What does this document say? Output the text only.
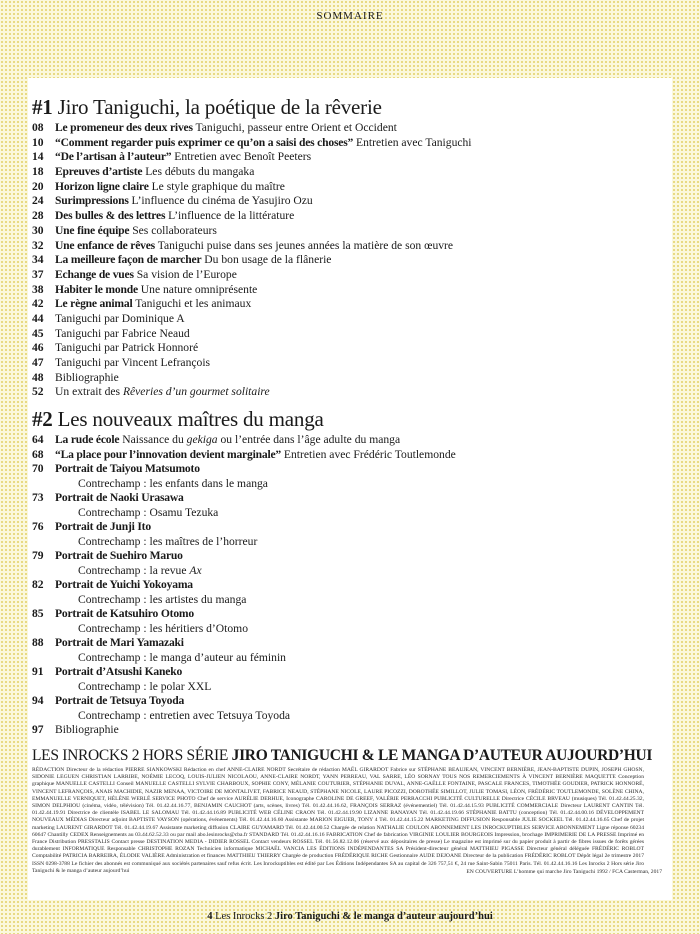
SOMMAIRE
#1 Jiro Taniguchi, la poétique de la rêverie
08 Le promeneur des deux rives Taniguchi, passeur entre Orient et Occident
10 “Comment regarder puis exprimer ce qu’on a saisi des choses” Entretien avec Taniguchi
14 “De l’artisan à l’auteur” Entretien avec Benoît Peeters
18 Epreuves d’artiste Les débuts du mangaka
20 Horizon ligne claire Le style graphique du maître
24 Surimpressions L’influence du cinéma de Yasujiro Ozu
28 Des bulles & des lettres L’influence de la littérature
30 Une fine équipe Ses collaborateurs
32 Une enfance de rêves Taniguchi puise dans ses jeunes années la matière de son œuvre
34 La meilleure façon de marcher Du bon usage de la flânerie
37 Echange de vues Sa vision de l’Europe
38 Habiter le monde Une nature omniprésente
42 Le règne animal Taniguchi et les animaux
44 Taniguchi par Dominique A
45 Taniguchi par Fabrice Neaud
46 Taniguchi par Patrick Honnoré
47 Taniguchi par Vincent Lefrançois
48 Bibliographie
52 Un extrait des Rêveries d’un gourmet solitaire
#2 Les nouveaux maîtres du manga
64 La rude école Naissance du gekiga ou l’entrée dans l’âge adulte du manga
68 “La place pour l’innovation devient marginale” Entretien avec Frédéric Toutlemonde
70 Portrait de Taiyou Matsumoto
Contrechamp : les enfants dans le manga
73 Portrait de Naoki Urasawa
Contrechamp : Osamu Tezuka
76 Portrait de Junji Ito
Contrechamp : les maîtres de l’horreur
79 Portrait de Suehiro Maruo
Contrechamp : la revue Ax
82 Portrait de Yuichi Yokoyama
Contrechamp : les artistes du manga
85 Portrait de Katsuhiro Otomo
Contrechamp : les héritiers d’Otomo
88 Portrait de Mari Yamazaki
Contrechamp : le manga d’auteur au féminin
91 Portrait d’Atsushi Kaneko
Contrechamp : le polar XXL
94 Portrait de Tetsuya Toyoda
Contrechamp : entretien avec Tetsuya Toyoda
97 Bibliographie
LES INROCKS 2 HORS SÉRIE JIRO TANIGUCHI & LE MANGA D’AUTEUR AUJOURD’HUI
RÉDACTION Directeur de la rédaction PIERRE SIANKOWSKI Rédaction en chef ANNE-CLAIRE NORDT Secrétaire de rédaction MAËL GIRARDOT Fabrice sur STÉPHANE BEAUJEAN, VINCENT BERNIÈRE, JEAN-BAPTISTE DUPIN, JOSEPH GHOSN, SIDONIE LEGUEN CHRISTIAN LARRIBE, NOÉMIE LECOQ, LOUIS-JULIEN NICOLAOU, ANNE-CLAIRE NORDT, YANN PERREAU, VAL SARRE, LÉO SORNAY TOUS NOS REMERCIEMENTS À VINCENT BERNIÈRE MAQUETTE Conception graphique MANUELLE CASTELLI Conseil MANUELLE CASTELLI SYLVIE CHARBOUX, SOPHIE CONY, MÉLANIE COUTURIER, STÉPHANIE DUVAL, ANNE-GAËLLE FONTAINE, PASCALE FRANCES, TIMOTHÉE GOUDIER, PATRICK HONNORÉ, VINCENT LEFRANÇOIS, ANAIS MACHIDIE, NAZIR MENAA, VICTOIRE DE MONTALIVET, FABRICE NEAUD, STÉPHANE NICOLE, LAURE PICOZZI, DOROTHÉE SIMILLOT, JULIE TOMASI, LÉON, FRÉDÉRIC TOUTLEMONDE, SOLÈNE CHINA, EMMANUELLE VERNIQUET, HÉLÈNE WERLÉ SERVICE PHOTO Chef de service AURÉLIE DERHUE, Iconographe CAROLINE DE GREEF, VALÉRIE PERRACCHI PUBLICITÉ CULTURELLE Directrice CÉCILE BRVEAU (musiques) Tél. 01.42.44.25.32, SIMON DELPHIOU (cinéma, vidéo, télévision) Tél. 01.42.44.16.77, BENJAMIN CAUCHOT (arts, scènes, livres) Tél. 01.42.44.16.62, FRANÇOIS SERRAZ (événementiel) Tél. 01.42.44.15.93 PUBLICITÉ COMMERCIALE Directeur LAURENT CANTIN Tél. 01.42.44.19.91 Directrice de clientèle ISABEL LE SALOMAU Tél. 01.42.44.16.89 PUBLICITÉ WEB CÉLINE CRAON Tél. 01.42.44.19.90 LIZANNE BANAYAN Tél. 01.42.44.19.66 STÉPHANIE BATTU (conception) Tél. 01.42.44.00.16 DÉVELOPPEMENT NOUVEAUX MÉDIAS Directeur adjoint BAPTISTE VAYSON (opérations, événements) Tél. 01.42.44.16.60 Assistante MARION EIGUER, TONY 4 Tél. 01.42.44.15.22 MARKETING DIFFUSION Responsable JULIE SOCKEEL Tél. 01.42.44.16.65 Chef de projet marketing LAURENT GIRARDOT Tél. 01.42.44.19.67 Assistante marketing diffusion CLAIRE GUYAMARD Tél. 01.42.44.00.52 Chargée de relation NATHALIE COULON ABONNEMENT LES INROCKUPTIBLES SERVICE ABONNEMENT Ligne réponse 60234 60647 Chantilly CEDEX Renseignements au 03.44.62.52.33 ou par mail abo.lesinrocks@cba.fr STANDARD Tél. 01.42.44.16.16 FABRICATION Chef de fabrication VIRGINIE LOULIER BOURGEOIS Impression, brochage IMPRIMERIE DE LA PRESSE Imprimé en France Distribution PRESSTALIS Contact presse DESTINATION MEDIA - DIDIER ROSSEL Contact vendeurs ROSSEL Tél. 01.56.82.12.06 (réservé aux dépositaires de presse) Le magazine est imprimé sur du papier produit à partir de fibres issues de forêts gérées durablement INFORMATIQUE Responsable CHRISTOPHE ROZAN Technicien informatique MICHAËL VANCIA LES ÉDITIONS INDÉPENDANTES SA Président-directeur général MATTHIEU PIGASSE Directeur général déléguée FRÉDÉRIC ROBLOT Comptabilité PATRICIA BARREIRA, ÉLODIE VALIÈRE Administration et finances MATTHIEU THIERRY Chargée de production FRÉDÉRIQUE RICHE Gestionnaire AUDE DEJOANE Directeur de la publication FRÉDÉRIC ROBLOT Dépôt légal 2e trimestre 2017 ISSN 0298-3788 Le fichier des abonnés est communiqué aux sociétés partenaires sauf refus écrit. Les Inrockuptibles est édité par Les Éditions Indépendantes SA au capital de 326 757,51 €, 24 rue Saint-Sabin 75011 Paris. Tél. 01.42.44.16.16 Les Inrocks 2 Hors série Jiro Taniguchi & le manga d’auteur aujourd’hui	EN COUVERTURE L’homme qui marche Jiro Taniguchi 1992 / FCA Casterman, 2017
4 Les Inrocks 2 Jiro Taniguchi & le manga d’auteur aujourd’hui
